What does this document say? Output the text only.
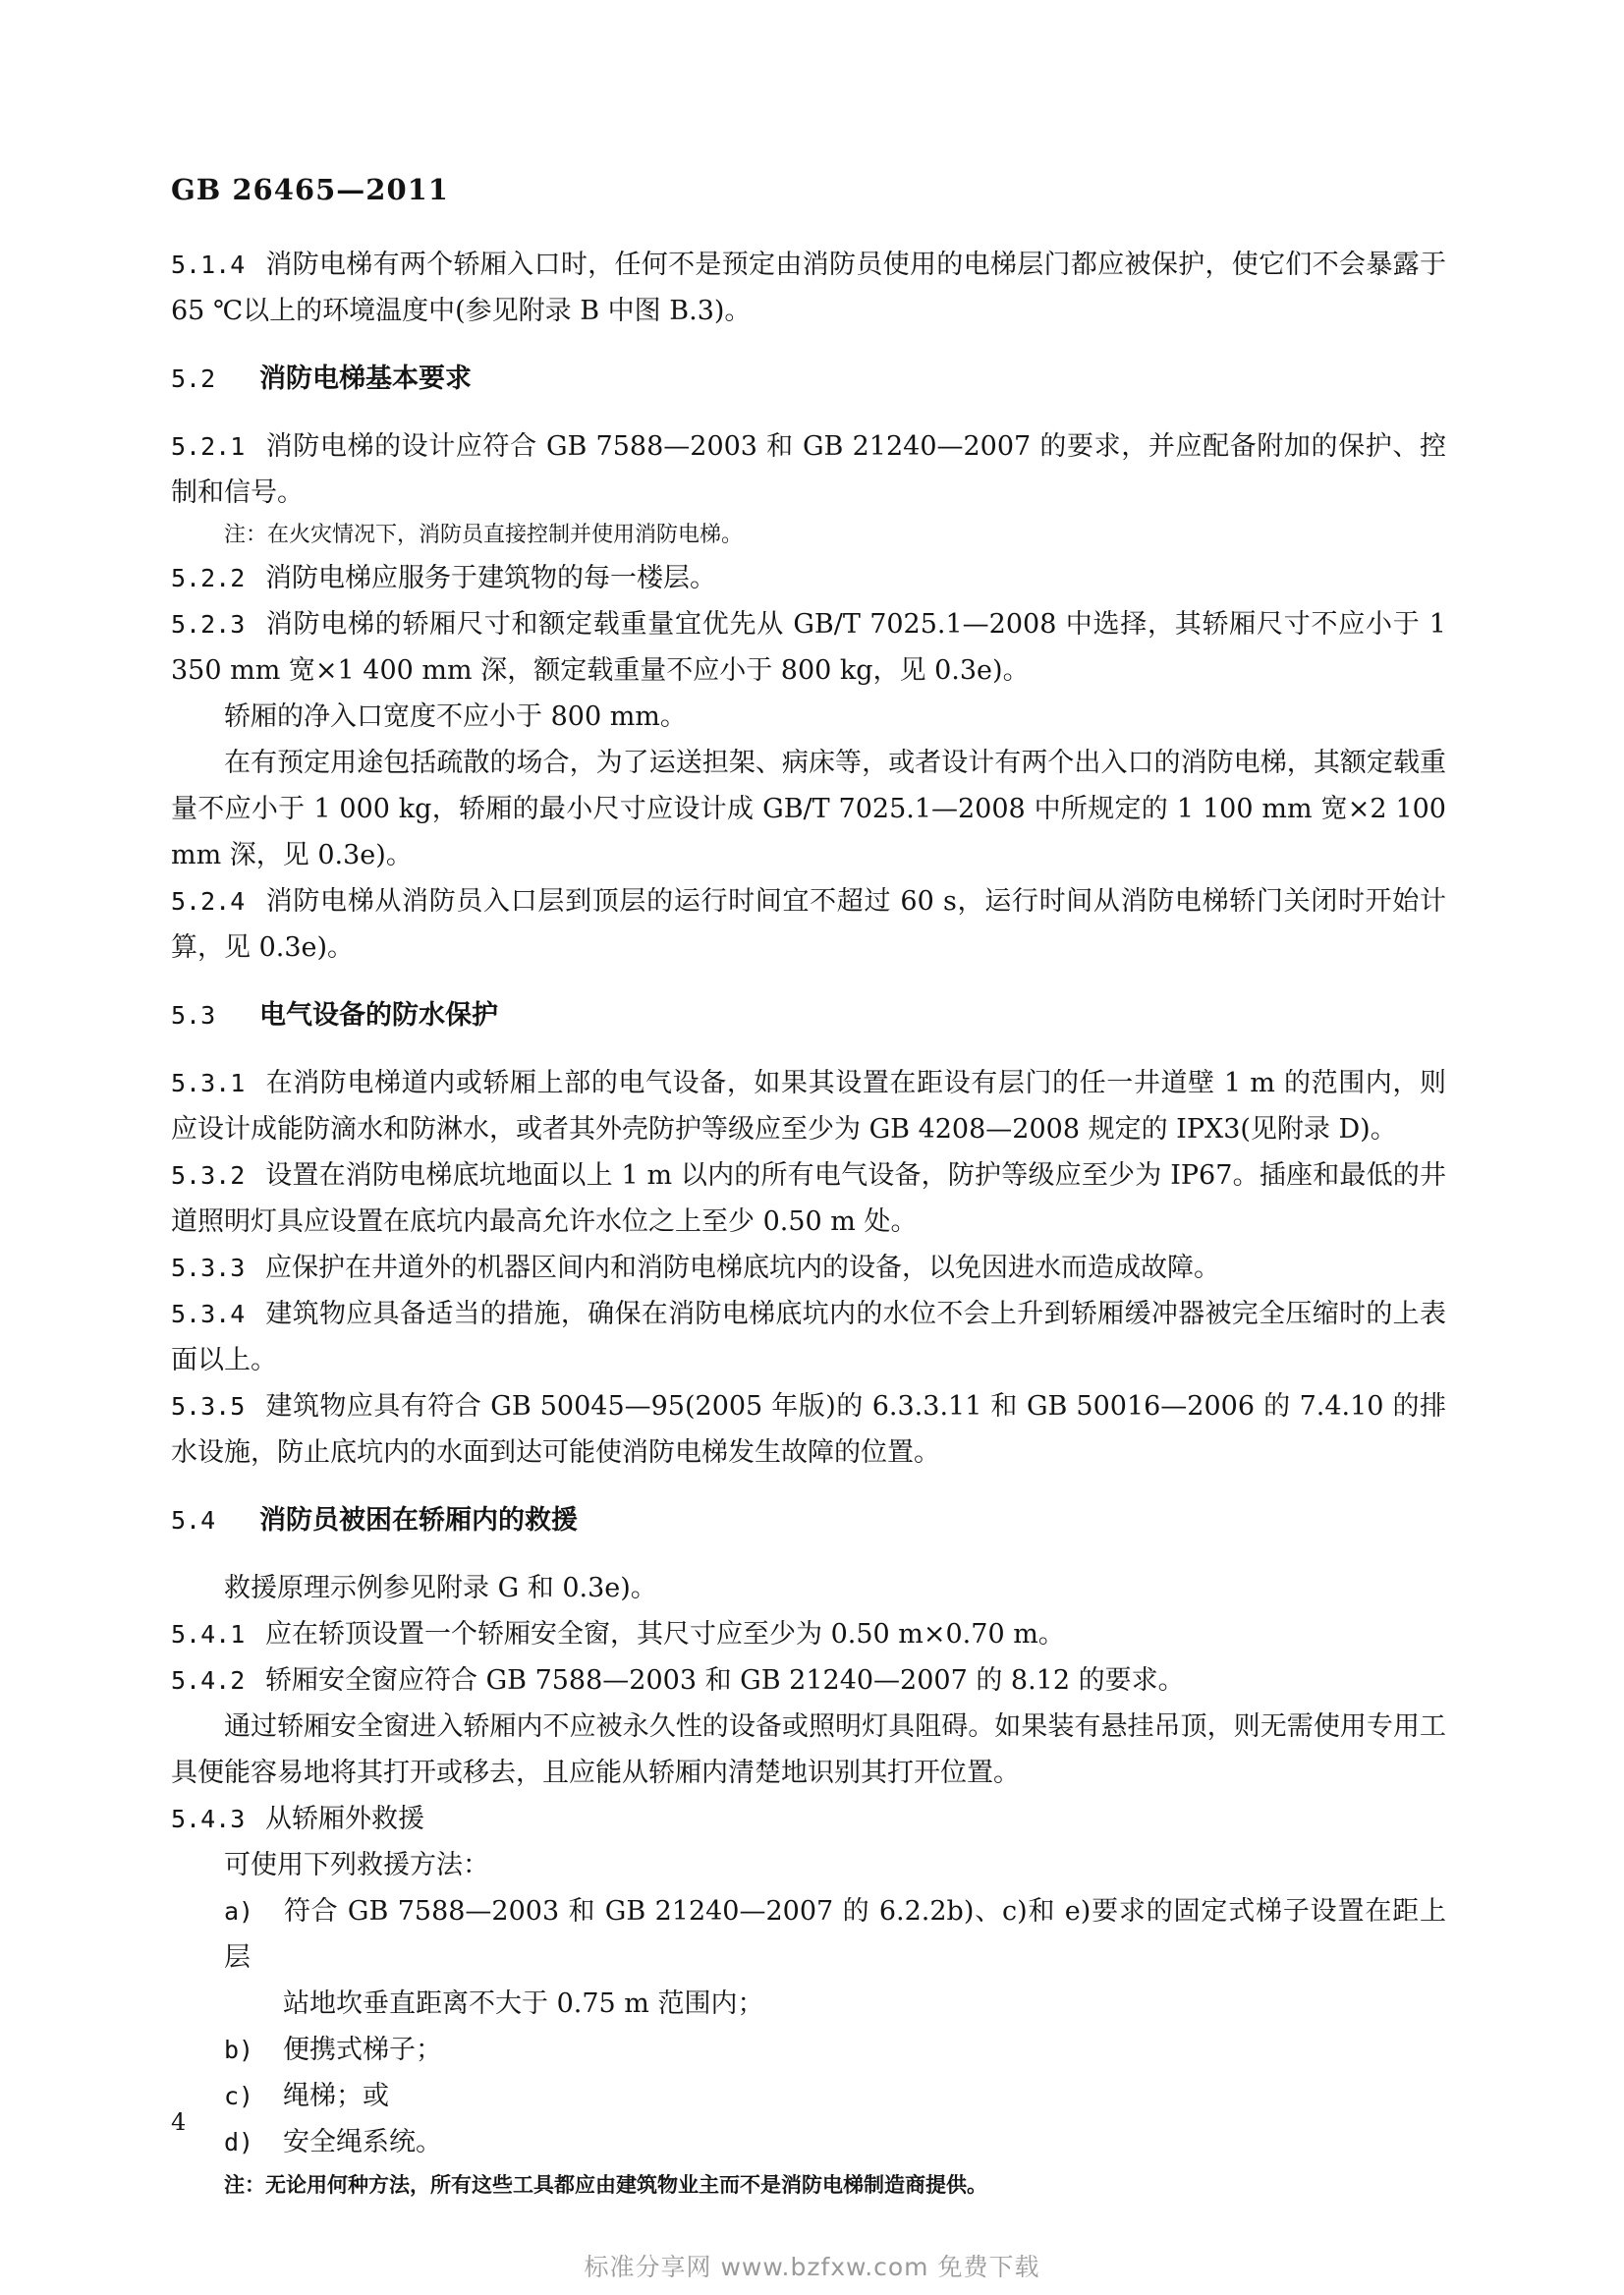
GB 26465—2011

5.1.4 消防电梯有两个轿厢入口时，任何不是预定由消防员使用的电梯层门都应被保护，使它们不会暴露于 65 ℃以上的环境温度中(参见附录 B 中图 B.3)。

5.2 消防电梯基本要求

5.2.1 消防电梯的设计应符合 GB 7588—2003 和 GB 21240—2007 的要求，并应配备附加的保护、控制和信号。

注：在火灾情况下，消防员直接控制并使用消防电梯。

5.2.2 消防电梯应服务于建筑物的每一楼层。

5.2.3 消防电梯的轿厢尺寸和额定载重量宜优先从 GB/T 7025.1—2008 中选择，其轿厢尺寸不应小于 1 350 mm 宽×1 400 mm 深，额定载重量不应小于 800 kg，见 0.3e)。

轿厢的净入口宽度不应小于 800 mm。

在有预定用途包括疏散的场合，为了运送担架、病床等，或者设计有两个出入口的消防电梯，其额定载重量不应小于 1 000 kg，轿厢的最小尺寸应设计成 GB/T 7025.1—2008 中所规定的 1 100 mm 宽×2 100 mm 深，见 0.3e)。

5.2.4 消防电梯从消防员入口层到顶层的运行时间宜不超过 60 s，运行时间从消防电梯轿门关闭时开始计算，见 0.3e)。

5.3 电气设备的防水保护

5.3.1 在消防电梯道内或轿厢上部的电气设备，如果其设置在距设有层门的任一井道壁 1 m 的范围内，则应设计成能防滴水和防淋水，或者其外壳防护等级应至少为 GB 4208—2008 规定的 IPX3(见附录 D)。

5.3.2 设置在消防电梯底坑地面以上 1 m 以内的所有电气设备，防护等级应至少为 IP67。插座和最低的井道照明灯具应设置在底坑内最高允许水位之上至少 0.50 m 处。

5.3.3 应保护在井道外的机器区间内和消防电梯底坑内的设备，以免因进水而造成故障。

5.3.4 建筑物应具备适当的措施，确保在消防电梯底坑内的水位不会上升到轿厢缓冲器被完全压缩时的上表面以上。

5.3.5 建筑物应具有符合 GB 50045—95(2005 年版)的 6.3.3.11 和 GB 50016—2006 的 7.4.10 的排水设施，防止底坑内的水面到达可能使消防电梯发生故障的位置。

5.4 消防员被困在轿厢内的救援

救援原理示例参见附录 G 和 0.3e)。

5.4.1 应在轿顶设置一个轿厢安全窗，其尺寸应至少为 0.50 m×0.70 m。

5.4.2 轿厢安全窗应符合 GB 7588—2003 和 GB 21240—2007 的 8.12 的要求。

通过轿厢安全窗进入轿厢内不应被永久性的设备或照明灯具阻碍。如果装有悬挂吊顶，则无需使用专用工具便能容易地将其打开或移去，且应能从轿厢内清楚地识别其打开位置。

5.4.3 从轿厢外救援

可使用下列救援方法：

a) 符合 GB 7588—2003 和 GB 21240—2007 的 6.2.2b)、c)和 e)要求的固定式梯子设置在距上层
站地坎垂直距离不大于 0.75 m 范围内；
b) 便携式梯子；
c) 绳梯；或
d) 安全绳系统。
注：无论用何种方法，所有这些工具都应由建筑物业主而不是消防电梯制造商提供。
4
标准分享网 www.bzfxw.com 免费下载
